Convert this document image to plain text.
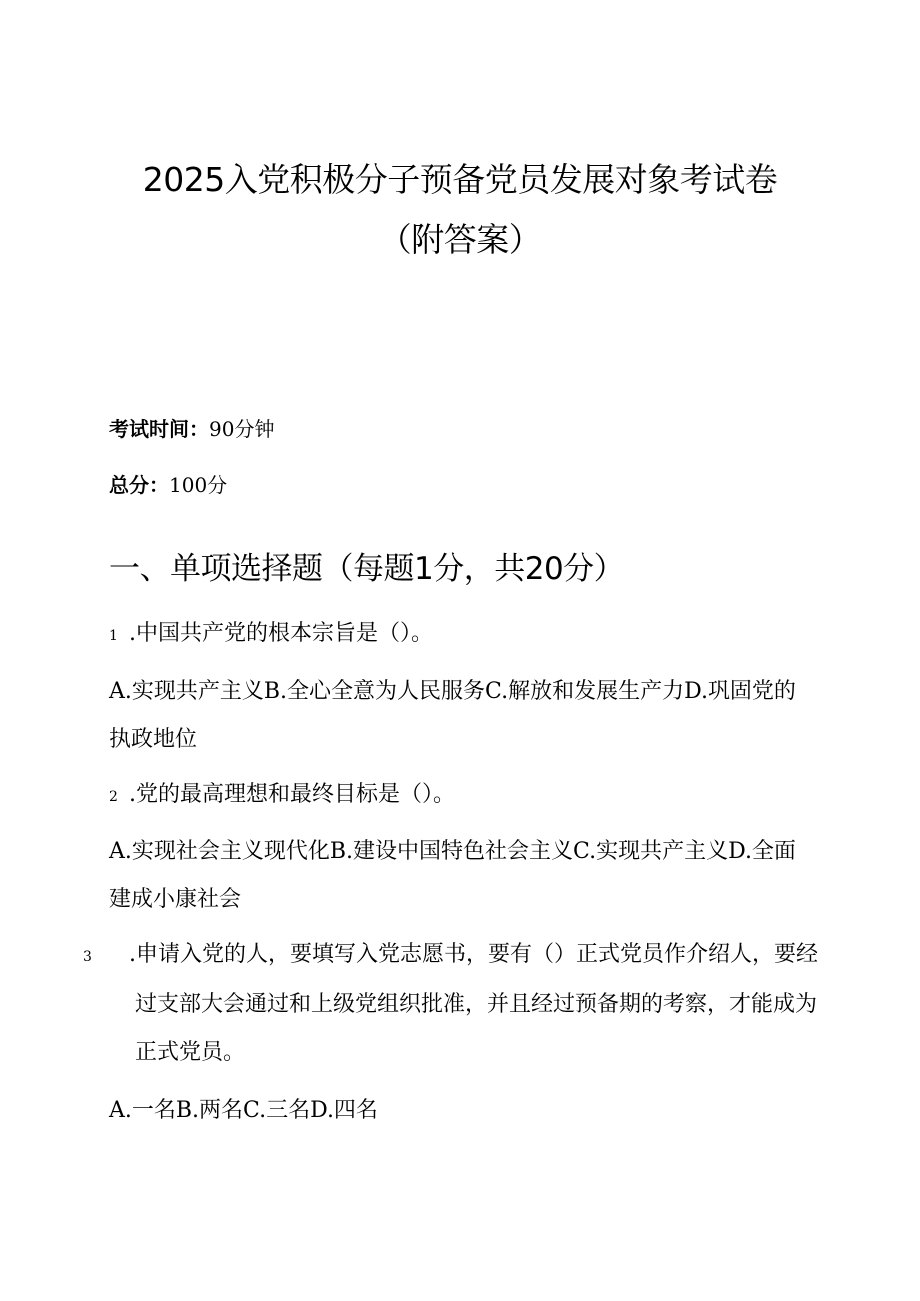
2025入党积极分子预备党员发展对象考试卷
（附答案）
考试时间：90分钟
总分：100分
一、单项选择题（每题1分，共20分）
1 .中国共产党的根本宗旨是（）。
A.实现共产主义B.全心全意为人民服务C.解放和发展生产力D.巩固党的执政地位
2 .党的最高理想和最终目标是（）。
A.实现社会主义现代化B.建设中国特色社会主义C.实现共产主义D.全面建成小康社会
3 .申请入党的人，要填写入党志愿书，要有（）正式党员作介绍人，要经过支部大会通过和上级党组织批准，并且经过预备期的考察，才能成为正式党员。
A.一名B.两名C.三名D.四名
